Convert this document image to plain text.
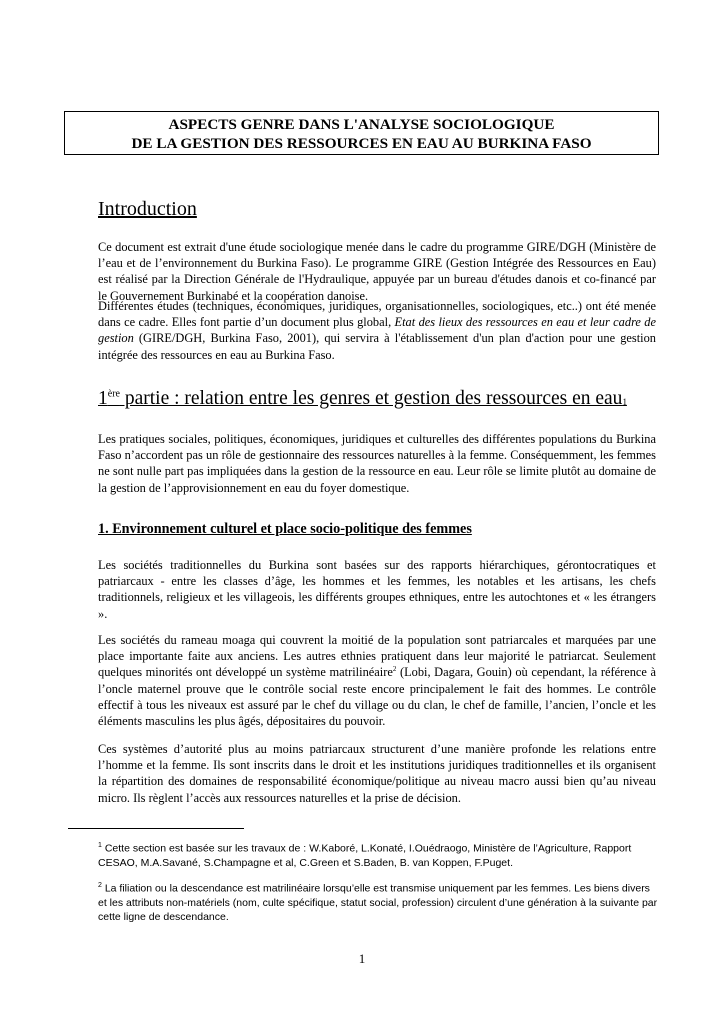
ASPECTS GENRE DANS L'ANALYSE SOCIOLOGIQUE
DE LA GESTION DES RESSOURCES EN EAU AU BURKINA FASO
Introduction

Ce document est extrait d'une étude sociologique menée dans le cadre du programme GIRE/DGH (Ministère de l’eau et de l’environnement du Burkina Faso). Le programme GIRE (Gestion Intégrée des Ressources en Eau) est réalisé par la Direction Générale de l'Hydraulique, appuyée par un bureau d'études danois et co-financé par le Gouvernement Burkinabé et la coopération danoise.

Différentes études (techniques, économiques, juridiques, organisationnelles, sociologiques, etc..) ont été menée dans ce cadre. Elles font partie d’un document plus global, Etat des lieux des ressources en eau et leur cadre de gestion (GIRE/DGH, Burkina Faso, 2001), qui servira à l'établissement d'un plan d'action pour une gestion intégrée des ressources en eau au Burkina Faso.

1ère partie : relation entre les genres et gestion des ressources en eau1

Les pratiques sociales, politiques, économiques, juridiques et culturelles des différentes populations du Burkina Faso n’accordent pas un rôle de gestionnaire des ressources naturelles à la femme. Conséquemment, les femmes ne sont nulle part pas impliquées dans la gestion de la ressource en eau. Leur rôle se limite plutôt au domaine de la gestion de l’approvisionnement en eau du foyer domestique.

1. Environnement culturel et place socio-politique des femmes

Les sociétés traditionnelles du Burkina sont basées sur des rapports hiérarchiques, gérontocratiques et patriarcaux - entre les classes d’âge, les hommes et les femmes, les notables et les artisans, les chefs traditionnels, religieux et les villageois, les différents groupes ethniques, entre les autochtones et « les étrangers ».

Les sociétés du rameau moaga qui couvrent la moitié de la population sont patriarcales et marquées par une place importante faite aux anciens. Les autres ethnies pratiquent dans leur majorité le patriarcat. Seulement quelques minorités ont développé un système matrilinéaire$^2$ (Lobi, Dagara, Gouin) où cependant, la référence à l’oncle maternel prouve que le contrôle social reste encore principalement le fait des hommes. Le contrôle effectif à tous les niveaux est assuré par le chef du village ou du clan, le chef de famille, l’ancien, l’oncle et les éléments masculins les plus âgés, dépositaires du pouvoir.

Ces systèmes d’autorité plus au moins patriarcaux structurent d’une manière profonde les relations entre l’homme et la femme. Ils sont inscrits dans le droit et les institutions juridiques traditionnelles et ils organisent la répartition des domaines de responsabilité économique/politique au niveau macro aussi bien qu’au niveau micro. Ils règlent l’accès aux ressources naturelles et la prise de décision.

$^1$ Cette section est basée sur les travaux de : W.Kaboré, L.Konaté, I.Ouédraogo, Ministère de l’Agriculture, Rapport CESAO, M.A.Savané, S.Champagne et al, C.Green et S.Baden, B. van Koppen, F.Puget.

$^2$ La filiation ou la descendance est matrilinéaire lorsqu’elle est transmise uniquement par les femmes. Les biens divers et les attributs non-matériels (nom, culte spécifique, statut social, profession) circulent d’une génération à la suivante par cette ligne de descendance.

1
